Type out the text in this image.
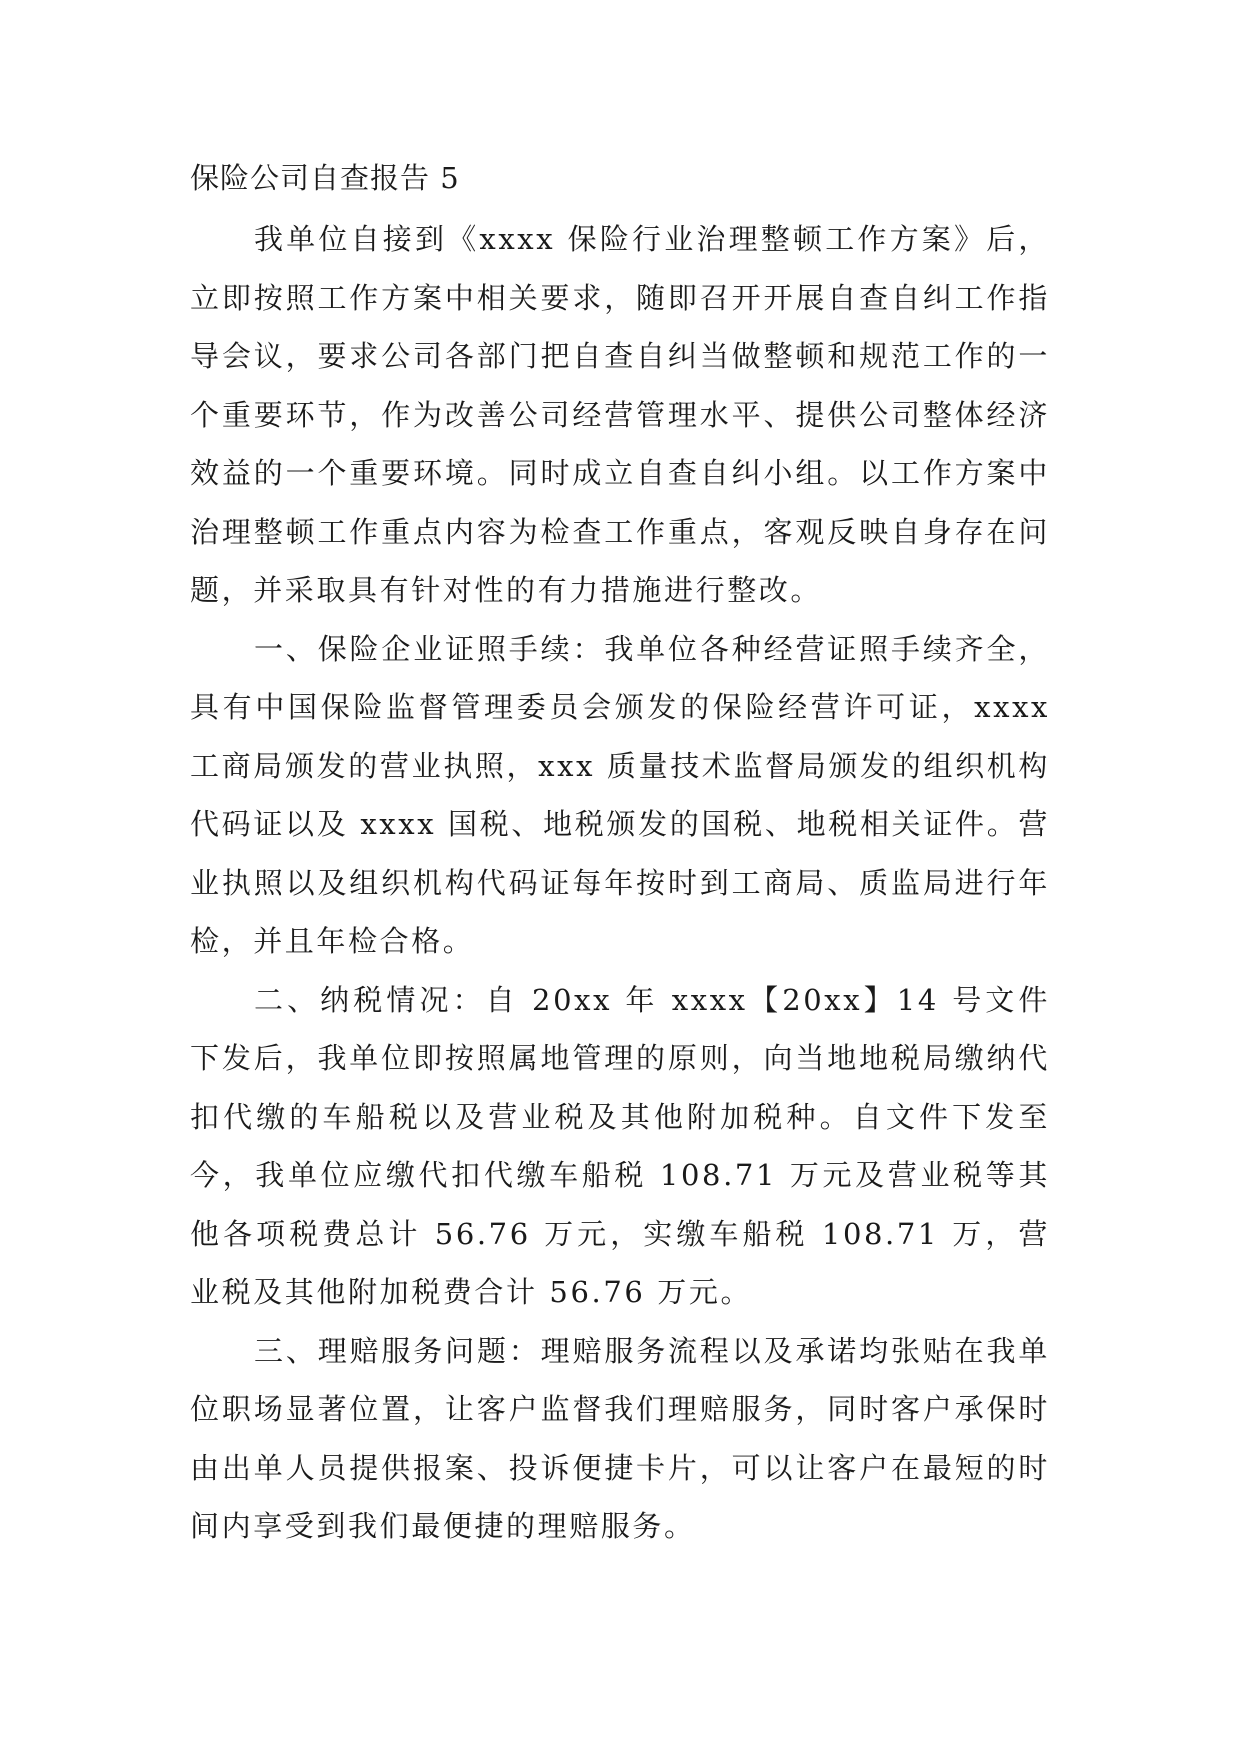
保险公司自查报告 5

我单位自接到《xxxx 保险行业治理整顿工作方案》后，立即按照工作方案中相关要求，随即召开开展自查自纠工作指导会议，要求公司各部门把自查自纠当做整顿和规范工作的一个重要环节，作为改善公司经营管理水平、提供公司整体经济效益的一个重要环境。同时成立自查自纠小组。以工作方案中治理整顿工作重点内容为检查工作重点，客观反映自身存在问题，并采取具有针对性的有力措施进行整改。

一、保险企业证照手续：我单位各种经营证照手续齐全，具有中国保险监督管理委员会颁发的保险经营许可证，xxxx 工商局颁发的营业执照，xxx 质量技术监督局颁发的组织机构代码证以及 xxxx 国税、地税颁发的国税、地税相关证件。营业执照以及组织机构代码证每年按时到工商局、质监局进行年检，并且年检合格。

二、纳税情况：自 20xx 年 xxxx【20xx】14 号文件下发后，我单位即按照属地管理的原则，向当地地税局缴纳代扣代缴的车船税以及营业税及其他附加税种。自文件下发至今，我单位应缴代扣代缴车船税 108.71 万元及营业税等其他各项税费总计 56.76 万元，实缴车船税 108.71 万，营业税及其他附加税费合计 56.76 万元。

三、理赔服务问题：理赔服务流程以及承诺均张贴在我单位职场显著位置，让客户监督我们理赔服务，同时客户承保时由出单人员提供报案、投诉便捷卡片，可以让客户在最短的时间内享受到我们最便捷的理赔服务。
